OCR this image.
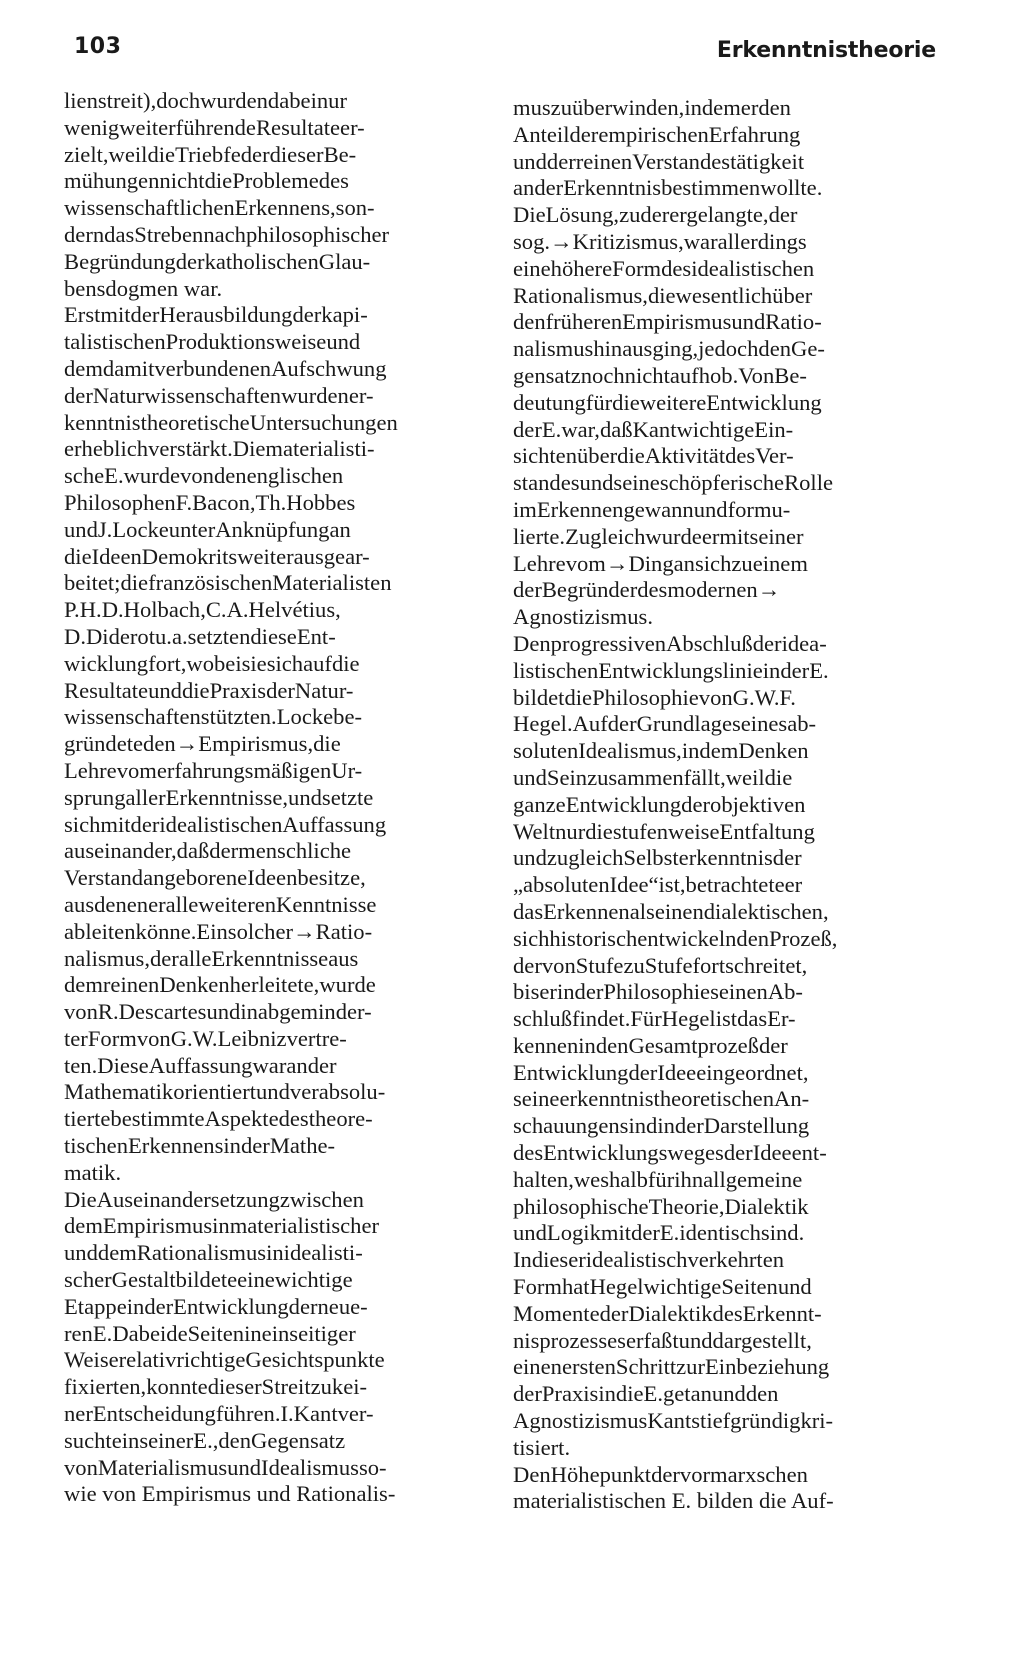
103	Erkenntnistheorie
lienstreit),dochwurdendabeinur
wenigweiterführendeResultateer-
zielt,weildieTriebfederdieserBe-
mühungennichtdieProblemedes
wissenschaftlichenErkennens,son-
derndasStrebennachphilosophischer
BegründungderkatholischenGlau-
bensdogmen war.
ErstmitderHerausbildungderkapi-
talistischenProduktionsweiseund
demdamitverbundenenAufschwung
derNaturwissenschaftenwurdener-
kenntnistheoretischeUntersuchungen
erheblichverstärkt.Diematerialisti-
scheE.wurdevondenenglischen
PhilosophenF.Bacon,Th.Hobbes
undJ.LockeunterAnknüpfungan
dieIdeenDemokritsweiterausgear-
beitet;diefranzösischenMaterialisten
P.H.D.Holbach,C.A.Helvétius,
D.Diderotu.a.setztendieseEnt-
wicklungfort,wobeisiesichaufdie
ResultateunddiePraxisderNatur-
wissenschaftenstützten.Lockebe-
gründeteden→Empirismus,die
LehrevomerfahrungsmäßigenUr-
sprungallerErkenntnisse,undsetzte
sichmitderidealistischenAuffassung
auseinander,daßdermenschliche
VerstandangeboreneIdeenbesitze,
ausdeneneralleweiterenKenntnisse
ableitenkönne.Einsolcher→Ratio-
nalismus,deralleErkenntnisseaus
demreinenDenkenherleitete,wurde
vonR.Descartesundinabgeminder-
terFormvonG.W.Leibnizvertre-
ten.DieseAuffassungwarander
Mathematikorientiertundverabsolu-
tiertebestimmteAspektedestheore-
tischenErkennensinderMathe-
matik.
DieAuseinandersetzungzwischen
demEmpirismusinmaterialistischer
unddemRationalismusinidealisti-
scherGestaltbildeteeinewichtige
EtappeinderEntwicklungderneue-
renE.DabeideSeitenineinseitiger
WeiserelativrichtigeGesichtspunkte
fixierten,konntedieserStreitzukei-
nerEntscheidungführen.I.Kantver-
suchteinseinerE.,denGegensatz
vonMaterialismusundIdealismusso-
wie von Empirismus und Rationalis-
muszuüberwinden,indemerden
AnteilderempirischenErfahrung
undderreinenVerstandestätigkeit
anderErkenntnisbestimmenwollte.
DieLösung,zuderergelangte,der
sog.→Kritizismus,warallerdings
einehöhereFormdesidealistischen
Rationalismus,diewesentlichüber
denfrüherenEmpirismusundRatio-
nalismushinausging,jedochdenGe-
gensatznochnichtaufhob.VonBe-
deutungfürdieweitereEntwicklung
derE.war,daßKantwichtigeEin-
sichtenüberdieAktivitätdesVer-
standesundseineschöpferischeRolle
imErkennengewannundformu-
lierte.Zugleichwurdeermitseiner
Lehrevom→Dingansichzueinem
derBegründerdesmodernen→
Agnostizismus.
DenprogressivenAbschlußderidea-
listischenEntwicklungslinieinderE.
bildetdiePhilosophievonG.W.F.
Hegel.AufderGrundlageseinesab-
solutenIdealismus,indemDenken
undSeinzusammenfällt,weildie
ganzeEntwicklungderobjektiven
WeltnurdiestufenweiseEntfaltung
undzugleichSelbsterkenntnisder
„absolutenIdee“ist,betrachteteer
dasErkennenalseinendialektischen,
sichhistorischentwickelndenProzeß,
dervonStufezuStufefortschreitet,
biserinderPhilosophieseinenAb-
schlußfindet.FürHegelistdasEr-
kennenindenGesamtprozeßder
EntwicklungderIdeeeingeordnet,
seineerkenntnistheoretischenAn-
schauungensindinderDarstellung
desEntwicklungswegesderIdeeent-
halten,weshalbfürihnallgemeine
philosophischeTheorie,Dialektik
undLogikmitderE.identischsind.
Indieseridealistischverkehrten
FormhatHegelwichtigeSeitenund
MomentederDialektikdesErkennt-
nisprozesseserfaßtunddargestellt,
einenerstenSchrittzurEinbeziehung
derPraxisindieE.getanundden
AgnostizismusKantstiefgründigkri-
tisiert.
DenHöhepunktdervormarxschen
materialistischen E. bilden die Auf-
